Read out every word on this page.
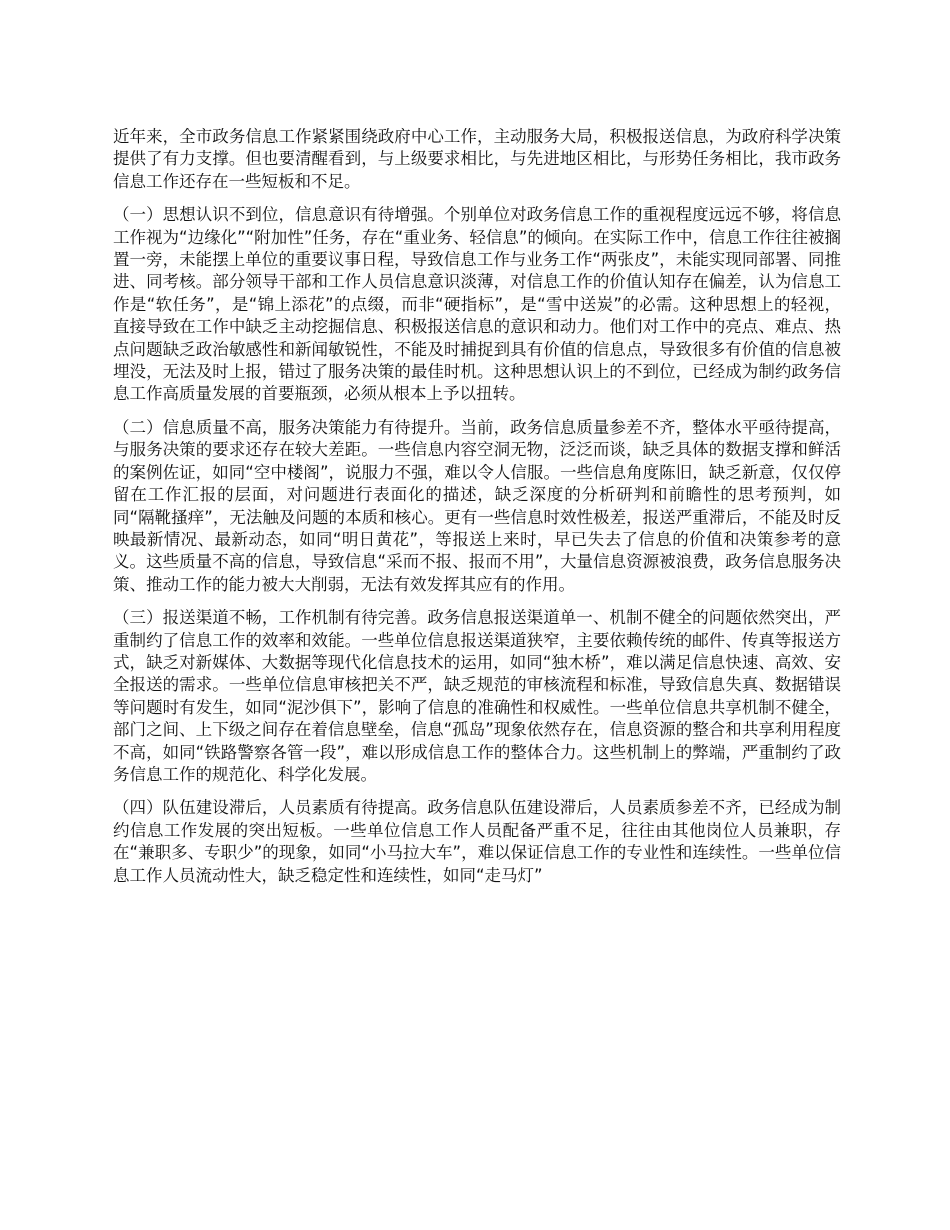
近年来，全市政务信息工作紧紧围绕政府中心工作，主动服务大局，积极报送信息，为政府科学决策提供了有力支撑。但也要清醒看到，与上级要求相比，与先进地区相比，与形势任务相比，我市政务信息工作还存在一些短板和不足。

（一）思想认识不到位，信息意识有待增强。个别单位对政务信息工作的重视程度远远不够，将信息工作视为“边缘化”“附加性”任务，存在“重业务、轻信息”的倾向。在实际工作中，信息工作往往被搁置一旁，未能摆上单位的重要议事日程，导致信息工作与业务工作“两张皮”，未能实现同部署、同推进、同考核。部分领导干部和工作人员信息意识淡薄，对信息工作的价值认知存在偏差，认为信息工作是“软任务”，是“锦上添花”的点缀，而非“硬指标”，是“雪中送炭”的必需。这种思想上的轻视，直接导致在工作中缺乏主动挖掘信息、积极报送信息的意识和动力。他们对工作中的亮点、难点、热点问题缺乏政治敏感性和新闻敏锐性，不能及时捕捉到具有价值的信息点，导致很多有价值的信息被埋没，无法及时上报，错过了服务决策的最佳时机。这种思想认识上的不到位，已经成为制约政务信息工作高质量发展的首要瓶颈，必须从根本上予以扭转。

（二）信息质量不高，服务决策能力有待提升。当前，政务信息质量参差不齐，整体水平亟待提高，与服务决策的要求还存在较大差距。一些信息内容空洞无物，泛泛而谈，缺乏具体的数据支撑和鲜活的案例佐证，如同“空中楼阁”，说服力不强，难以令人信服。一些信息角度陈旧，缺乏新意，仅仅停留在工作汇报的层面，对问题进行表面化的描述，缺乏深度的分析研判和前瞻性的思考预判，如同“隔靴搔痒”，无法触及问题的本质和核心。更有一些信息时效性极差，报送严重滞后，不能及时反映最新情况、最新动态，如同“明日黄花”，等报送上来时，早已失去了信息的价值和决策参考的意义。这些质量不高的信息，导致信息“采而不报、报而不用”，大量信息资源被浪费，政务信息服务决策、推动工作的能力被大大削弱，无法有效发挥其应有的作用。

（三）报送渠道不畅，工作机制有待完善。政务信息报送渠道单一、机制不健全的问题依然突出，严重制约了信息工作的效率和效能。一些单位信息报送渠道狭窄，主要依赖传统的邮件、传真等报送方式，缺乏对新媒体、大数据等现代化信息技术的运用，如同“独木桥”，难以满足信息快速、高效、安全报送的需求。一些单位信息审核把关不严，缺乏规范的审核流程和标准，导致信息失真、数据错误等问题时有发生，如同“泥沙俱下”，影响了信息的准确性和权威性。一些单位信息共享机制不健全，部门之间、上下级之间存在着信息壁垒，信息“孤岛”现象依然存在，信息资源的整合和共享利用程度不高，如同“铁路警察各管一段”，难以形成信息工作的整体合力。这些机制上的弊端，严重制约了政务信息工作的规范化、科学化发展。

（四）队伍建设滞后，人员素质有待提高。政务信息队伍建设滞后，人员素质参差不齐，已经成为制约信息工作发展的突出短板。一些单位信息工作人员配备严重不足，往往由其他岗位人员兼职，存在“兼职多、专职少”的现象，如同“小马拉大车”，难以保证信息工作的专业性和连续性。一些单位信息工作人员流动性大，缺乏稳定性和连续性，如同“走马灯”
